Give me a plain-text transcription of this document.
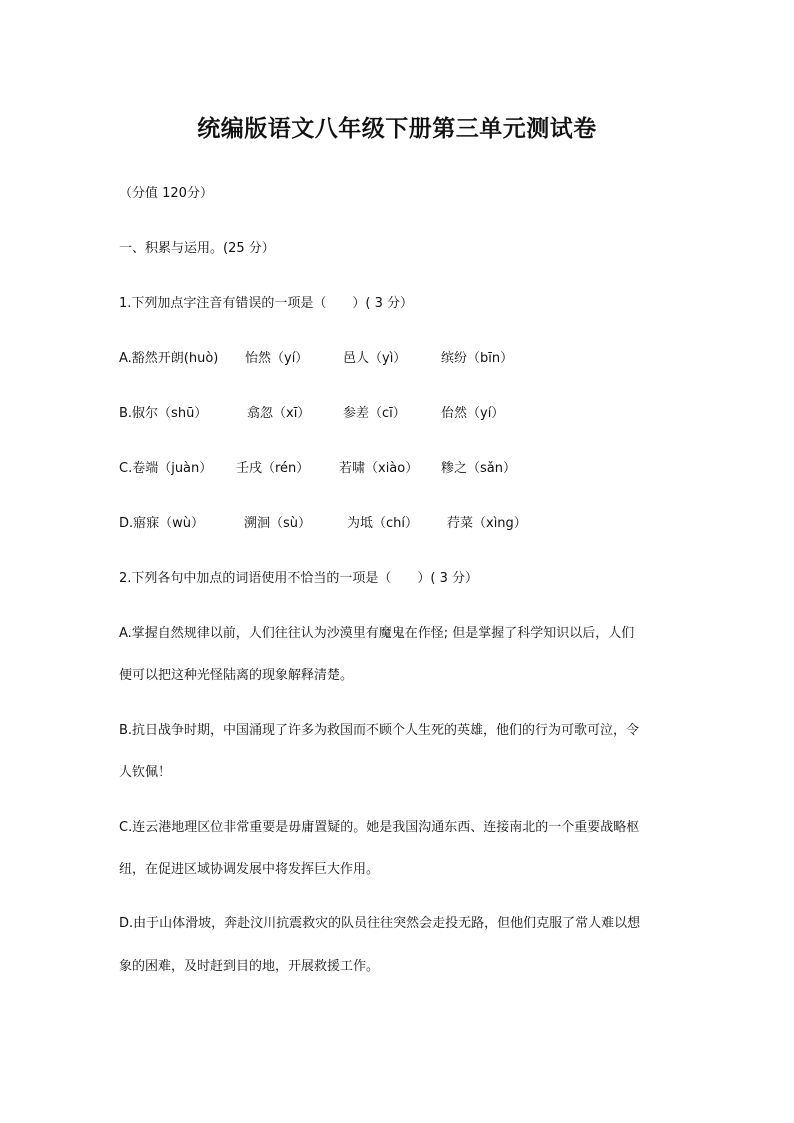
统编版语文八年级下册第三单元测试卷
（分值 120分）
一、积累与运用。(25 分）
1.下列加点字注音有错误的一项是（　　）( 3 分）
A.豁然开朗(huò) 怡然（yí）	邑人（yì）	缤纷（bīn）
B.俶尔（shū）	翕忽（xī）	参差（cī）	佁然（yí）
C.卷端（juàn） 壬戌（rén） 若啸（xiào） 糁之（sǎn）
D.寤寐（wù）	溯洄（sù）	为坻（chí） 荇菜（xìng）
2.下列各句中加点的词语使用不恰当的一项是（　　）( 3 分）
A.掌握自然规律以前，人们往往认为沙漠里有魔鬼在作怪; 但是掌握了科学知识以后，人们
便可以把这种光怪陆离的现象解释清楚。
B.抗日战争时期，中国涌现了许多为救国而不顾个人生死的英雄，他们的行为可歌可泣，令
人钦佩！
C.连云港地理区位非常重要是毋庸置疑的。她是我国沟通东西、连接南北的一个重要战略枢
纽，在促进区域协调发展中将发挥巨大作用。
D.由于山体滑坡，奔赴汶川抗震救灾的队员往往突然会走投无路，但他们克服了常人难以想
象的困难，及时赶到目的地，开展救援工作。
